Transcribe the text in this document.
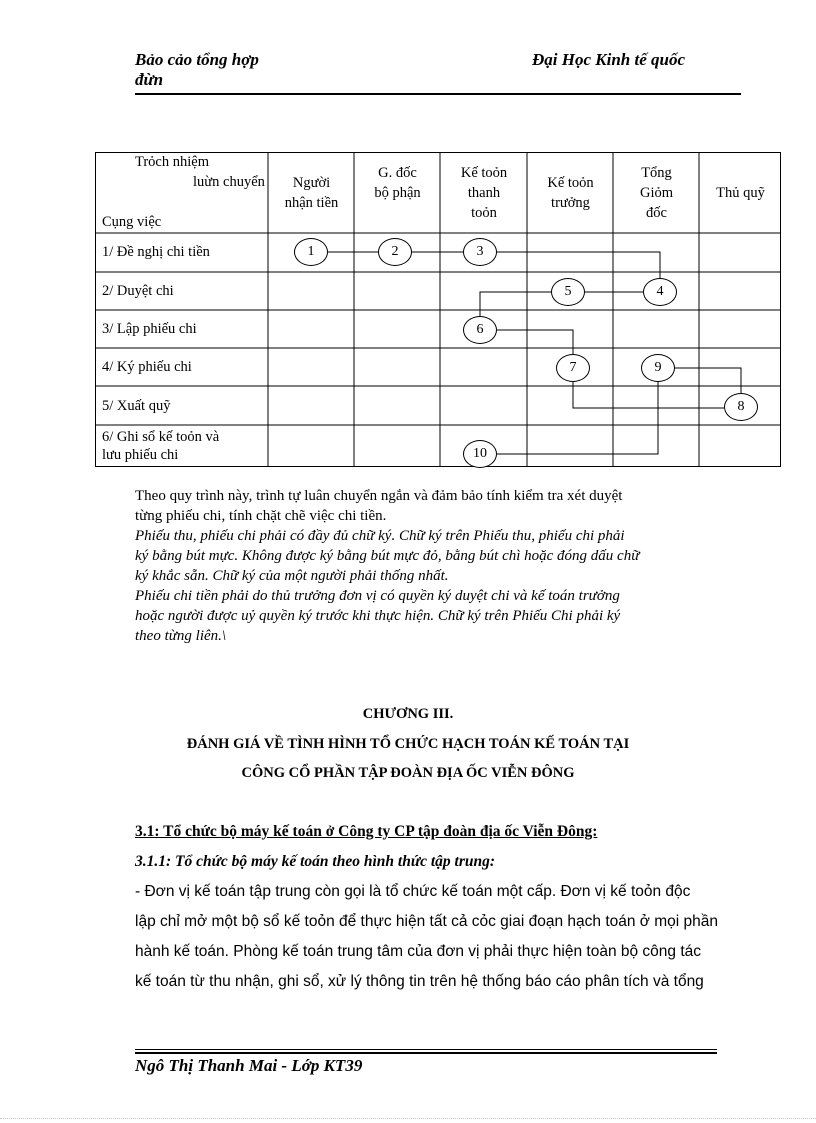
Bảo cảo tổng hợp
đừn
Đại Học Kinh tế quốc
Trỏch nhiệm
luừn chuyển
Cụng việc
Người
nhận tiền
G. đốc
bộ phận
Kế toỏn
thanh
toỏn
Kế toỏn
trưởng
Tổng
Giỏm
đốc
Thủ quỹ
1/ Đề nghị chi tiền
2/ Duyệt chi
3/ Lập phiếu chi
4/ Ký phiếu chi
5/ Xuất quỹ
6/ Ghi sổ kế toỏn và
lưu phiếu chi
1	2	3
4
5
6
7
8
9
10
Theo quy trình này, trình tự luân chuyển ngắn và đảm bảo tính kiểm tra xét duyệt
từng phiếu chi, tính chặt chẽ việc chi tiền.
Phiếu thu, phiếu chi phải có đầy đủ chữ ký. Chữ ký trên Phiếu thu, phiếu chi phải
ký bằng bút mực. Không được ký bằng bút mực đỏ, bằng bút chì hoặc đóng dấu chữ
ký khắc sẵn. Chữ ký của một người phải thống nhất.
Phiếu chi tiền phải do thủ trưởng đơn vị có quyền ký duyệt chi và kế toán trưởng
hoặc người được uỷ quyền ký trước khi thực hiện. Chữ ký trên Phiếu Chi phải ký
theo từng liên.\
CHƯƠNG III.
ĐÁNH GIÁ VỀ TÌNH HÌNH TỔ CHỨC HẠCH TOÁN KẾ TOÁN TẠI
CÔNG CỔ PHẦN TẬP ĐOÀN ĐỊA ỐC VIỄN ĐÔNG
3.1: Tổ chức bộ máy kế toán ở Công ty CP tập đoàn địa ốc Viễn Đông:
3.1.1: Tổ chức bộ máy kế toán theo hình thức tập trung:
- Đơn vị kế toán tập trung còn gọi là tổ chức kế toán một cấp. Đơn vị kế toỏn độc
lập chỉ mở một bộ sổ kế toỏn để thực hiện tất cả cỏc giai đoạn hạch toán ở mọi phần
hành kế toán. Phòng kế toán trung tâm của đơn vị phải thực hiện toàn bộ công tác
kế toán từ thu nhận, ghi sổ, xử lý thông tin trên hệ thống báo cáo phân tích và tổng
Ngô Thị Thanh Mai - Lớp KT39
